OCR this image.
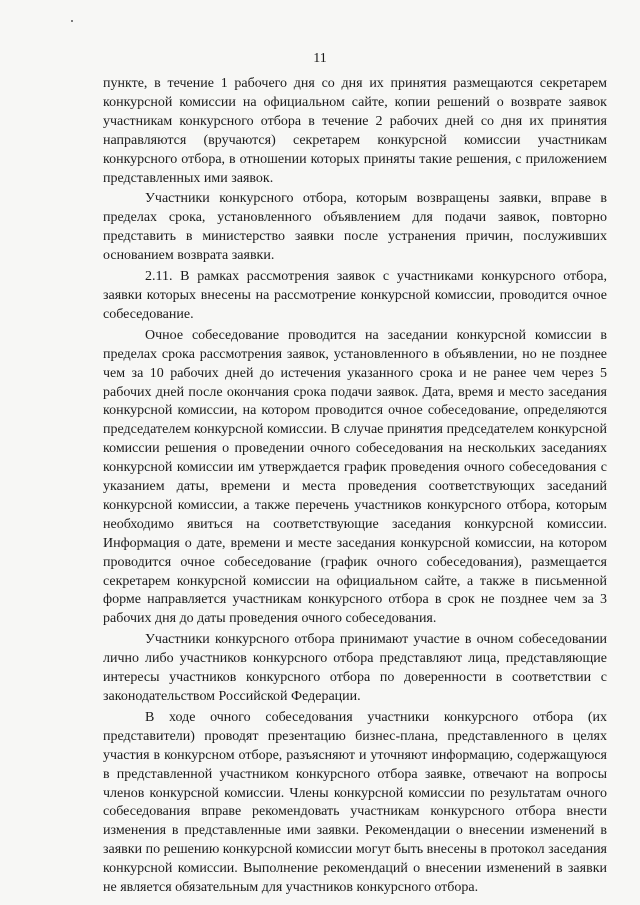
11

пункте, в течение 1 рабочего дня со дня их принятия размещаются секретарем конкурсной комиссии на официальном сайте, копии решений о возврате заявок участникам конкурсного отбора в течение 2 рабочих дней со дня их принятия направляются (вручаются) секретарем конкурсной комиссии участникам конкурсного отбора, в отношении которых приняты такие решения, с приложением представленных ими заявок.

Участники конкурсного отбора, которым возвращены заявки, вправе в пределах срока, установленного объявлением для подачи заявок, повторно представить в министерство заявки после устранения причин, послуживших основанием возврата заявки.

2.11. В рамках рассмотрения заявок с участниками конкурсного отбора, заявки которых внесены на рассмотрение конкурсной комиссии, проводится очное собеседование.

Очное собеседование проводится на заседании конкурсной комиссии в пределах срока рассмотрения заявок, установленного в объявлении, но не позднее чем за 10 рабочих дней до истечения указанного срока и не ранее чем через 5 рабочих дней после окончания срока подачи заявок. Дата, время и место заседания конкурсной комиссии, на котором проводится очное собеседование, определяются председателем конкурсной комиссии. В случае принятия председателем конкурсной комиссии решения о проведении очного собеседования на нескольких заседаниях конкурсной комиссии им утверждается график проведения очного собеседования с указанием даты, времени и места проведения соответствующих заседаний конкурсной комиссии, а также перечень участников конкурсного отбора, которым необходимо явиться на соответствующие заседания конкурсной комиссии. Информация о дате, времени и месте заседания конкурсной комиссии, на котором проводится очное собеседование (график очного собеседования), размещается секретарем конкурсной комиссии на официальном сайте, а также в письменной форме направляется участникам конкурсного отбора в срок не позднее чем за 3 рабочих дня до даты проведения очного собеседования.

Участники конкурсного отбора принимают участие в очном собеседовании лично либо участников конкурсного отбора представляют лица, представляющие интересы участников конкурсного отбора по доверенности в соответствии с законодательством Российской Федерации.

В ходе очного собеседования участники конкурсного отбора (их представители) проводят презентацию бизнес-плана, представленного в целях участия в конкурсном отборе, разъясняют и уточняют информацию, содержащуюся в представленной участником конкурсного отбора заявке, отвечают на вопросы членов конкурсной комиссии. Члены конкурсной комиссии по результатам очного собеседования вправе рекомендовать участникам конкурсного отбора внести изменения в представленные ими заявки. Рекомендации о внесении изменений в заявки по решению конкурсной комиссии могут быть внесены в протокол заседания конкурсной комиссии. Выполнение рекомендаций о внесении изменений в заявки не является обязательным для участников конкурсного отбора.
